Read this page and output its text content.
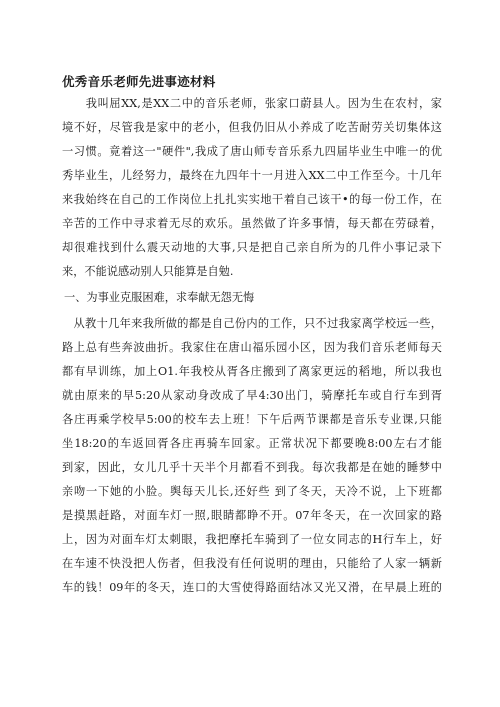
优秀音乐老师先进事迹材料
　　我叫屈XX,是XX二中的音乐老师，张家口蔚县人。因为生在农村，家
境不好，尽管我是家中的老小，但我仍旧从小养成了吃苦耐劳关切集体这
一习惯。竟着这一"硬件",我成了唐山师专音乐系九四届毕业生中唯一的优
秀毕业生，儿经努力，最终在九四年十一月进入XX二中工作至今。十几年
来我始终在自己的工作岗位上扎扎实实地干着自己该干•的每一份工作，在
辛苦的工作中寻求着无尽的欢乐。虽然做了许多事情，每天都在劳碌着，
却很难找到什么震天动地的大事,只是把自己亲自所为的几件小事记录下
来，不能说感动别人只能算是自勉.
一、为事业克服困难，求奉献无怨无悔
　从教十几年来我所做的都是自己份内的工作，只不过我家离学校远一些，
路上总有些奔波曲折。我家住在唐山福乐园小区，因为我们音乐老师每天
都有早训练，加上O1.年我校从胥各庄搬到了离家更远的稻地，所以我也
就由原来的早5:20从家动身改成了早4:30出门，骑摩托车或自行车到胥
各庄再乘学校早5:00的校车去上班！下午后两节课都是音乐专业课,只能
坐18:20的车返回胥各庄再骑车回家。正常状况下都要晚8:00左右才能
到家，因此，女儿几乎十天半个月都看不到我。每次我都是在她的睡梦中
亲吻一下她的小脸。舆每天儿长,还好些 到了冬天，天冷不说，上下班都
是摸黑赶路，对面车灯一照,眼睛都睁不开。07年冬天，在一次回家的路
上，因为对面车灯太刺眼，我把摩托车骑到了一位女同志的H行车上，好
在车速不快没把人伤者，但我没有任何说明的理由，只能给了人家一辆新
车的钱！09年的冬天，连口的大雪使得路面结冰又光又滑，在早晨上班的
